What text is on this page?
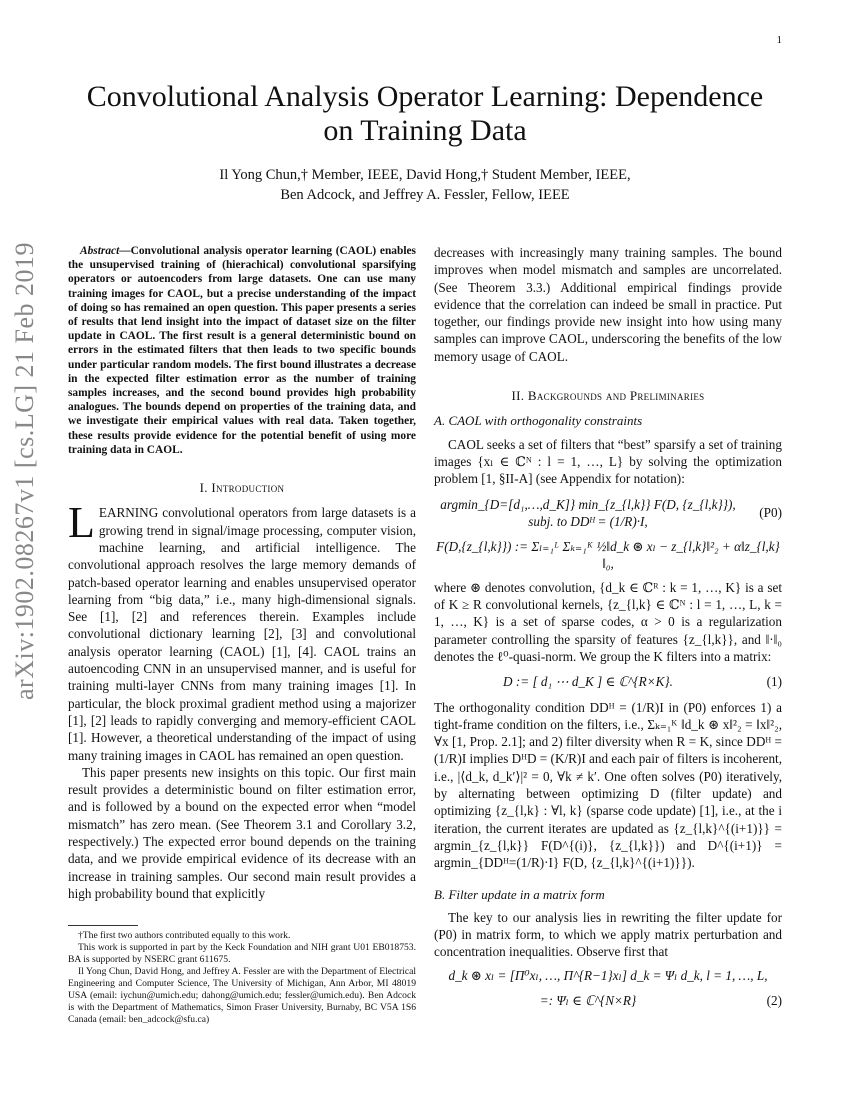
1
arXiv:1902.08267v1 [cs.LG] 21 Feb 2019
Convolutional Analysis Operator Learning: Dependence on Training Data
Il Yong Chun,† Member, IEEE, David Hong,† Student Member, IEEE,
Ben Adcock, and Jeffrey A. Fessler, Fellow, IEEE

Abstract—Convolutional analysis operator learning (CAOL) enables the unsupervised training of (hierachical) convolutional sparsifying operators or autoencoders from large datasets. One can use many training images for CAOL, but a precise understanding of the impact of doing so has remained an open question. This paper presents a series of results that lend insight into the impact of dataset size on the filter update in CAOL. The first result is a general deterministic bound on errors in the estimated filters that then leads to two specific bounds under particular random models. The first bound illustrates a decrease in the expected filter estimation error as the number of training samples increases, and the second bound provides high probability analogues. The bounds depend on properties of the training data, and we investigate their empirical values with real data. Taken together, these results provide evidence for the potential benefit of using more training data in CAOL.

I. Introduction

LEARNING convolutional operators from large datasets is a growing trend in signal/image processing, computer vision, machine learning, and artificial intelligence. The convolutional approach resolves the large memory demands of patch-based operator learning and enables unsupervised operator learning from “big data,” i.e., many high-dimensional signals. See [1], [2] and references therein. Examples include convolutional dictionary learning [2], [3] and convolutional analysis operator learning (CAOL) [1], [4]. CAOL trains an autoencoding CNN in an unsupervised manner, and is useful for training multi-layer CNNs from many training images [1]. In particular, the block proximal gradient method using a majorizer [1], [2] leads to rapidly converging and memory-efficient CAOL [1]. However, a theoretical understanding of the impact of using many training images in CAOL has remained an open question.

This paper presents new insights on this topic. Our first main result provides a deterministic bound on filter estimation error, and is followed by a bound on the expected error when “model mismatch” has zero mean. (See Theorem 3.1 and Corollary 3.2, respectively.) The expected error bound depends on the training data, and we provide empirical evidence of its decrease with an increase in training samples. Our second main result provides a high probability bound that explicitly

†The first two authors contributed equally to this work.

This work is supported in part by the Keck Foundation and NIH grant U01 EB018753. BA is supported by NSERC grant 611675.

Il Yong Chun, David Hong, and Jeffrey A. Fessler are with the Department of Electrical Engineering and Computer Science, The University of Michigan, Ann Arbor, MI 48019 USA (email: iychun@umich.edu; dahong@umich.edu; fessler@umich.edu). Ben Adcock is with the Department of Mathematics, Simon Fraser University, Burnaby, BC V5A 1S6 Canada (email: ben_adcock@sfu.ca)

decreases with increasingly many training samples. The bound improves when model mismatch and samples are uncorrelated. (See Theorem 3.3.) Additional empirical findings provide evidence that the correlation can indeed be small in practice. Put together, our findings provide new insight into how using many samples can improve CAOL, underscoring the benefits of the low memory usage of CAOL.

II. Backgrounds and Preliminaries
A. CAOL with orthogonality constraints

CAOL seeks a set of filters that “best” sparsify a set of training images {xₗ ∈ ℂᴺ : l = 1, …, L} by solving the optimization problem [1, §II-A] (see Appendix for notation):

argmin_{D=[d₁,…,d_K]} min_{z_{l,k}} F(D, {z_{l,k}}), subj. to DDᴴ = (1/R)·I,
(P0)
F(D,{z_{l,k}}) := Σₗ₌₁ᴸ Σₖ₌₁ᴷ ½‖d_k ⊛ xₗ − z_{l,k}‖²₂ + α‖z_{l,k}‖₀,

where ⊛ denotes convolution, {d_k ∈ ℂᴿ : k = 1, …, K} is a set of K ≥ R convolutional kernels, {z_{l,k} ∈ ℂᴺ : l = 1, …, L, k = 1, …, K} is a set of sparse codes, α > 0 is a regularization parameter controlling the sparsity of features {z_{l,k}}, and ‖·‖₀ denotes the ℓ⁰-quasi-norm. We group the K filters into a matrix:

D := [ d₁ ⋯ d_K ] ∈ ℂ^{R×K}.	(1)

The orthogonality condition DDᴴ = (1/R)I in (P0) enforces 1) a tight-frame condition on the filters, i.e., Σₖ₌₁ᴷ ‖d_k ⊛ x‖²₂ = ‖x‖²₂, ∀x [1, Prop. 2.1]; and 2) filter diversity when R = K, since DDᴴ = (1/R)I implies DᴴD = (K/R)I and each pair of filters is incoherent, i.e., |⟨d_k, d_k′⟩|² = 0, ∀k ≠ k′. One often solves (P0) iteratively, by alternating between optimizing D (filter update) and optimizing {z_{l,k} : ∀l, k} (sparse code update) [1], i.e., at the i iteration, the current iterates are updated as {z_{l,k}^{(i+1)}} = argmin_{z_{l,k}} F(D^{(i)}, {z_{l,k}}) and D^{(i+1)} = argmin_{DDᴴ=(1/R)·I} F(D, {z_{l,k}^{(i+1)}}).

B. Filter update in a matrix form

The key to our analysis lies in rewriting the filter update for (P0) in matrix form, to which we apply matrix perturbation and concentration inequalities. Observe first that

d_k ⊛ xₗ = [Π⁰xₗ, …, Π^{R−1}xₗ] d_k = Ψₗ d_k, l = 1, …, L,
=: Ψₗ ∈ ℂ^{N×R}	(2)
